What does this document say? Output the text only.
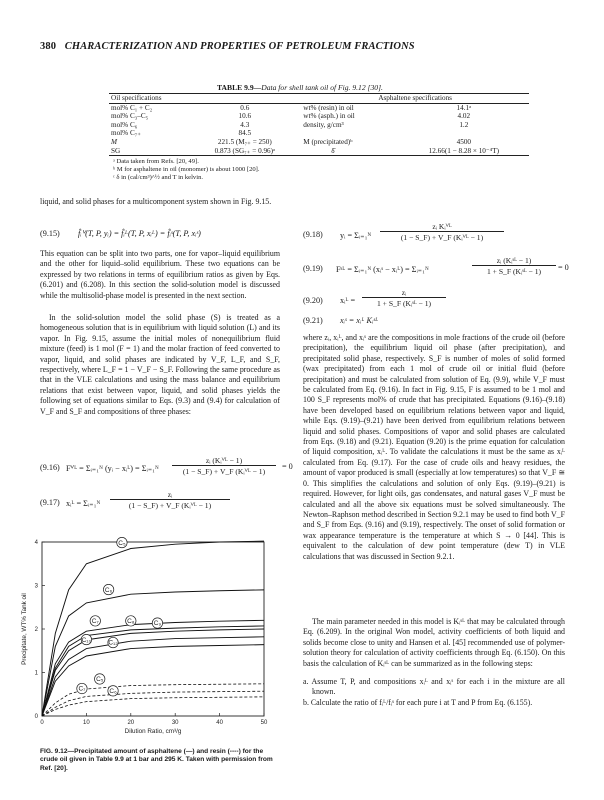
380 CHARACTERIZATION AND PROPERTIES OF PETROLEUM FRACTIONS
TABLE 9.9—Data for shell tank oil of Fig. 9.12 [30].
Oil specifications		Asphaltene specifications	
mol% C₁ + C₂	0.6	wt% (resin) in oil	14.1ᵃ
mol% C₃–C₅	10.6	wt% (asph.) in oil	4.02
mol% C₆	4.3	density, g/cm³	1.2
mol% C₇₊	84.5		
M	221.5 (M₇₊ = 250)	M (precipitated)ᵇ	4500
SG	0.873 (SG₇₊ = 0.96)ᵃ	δ̄	12.66(1 − 8.28 × 10⁻⁴T)
ᵃ Data taken from Refs. [20, 49].
ᵇ M for asphaltene in oil (monomer) is about 1000 [20].
ᶜ δ in (cal/cm³)^½ and T in kelvin.
liquid, and solid phases for a multicomponent system shown in Fig. 9.15.
(9.15) f̂ᵢⱽ(T, P, yᵢ) = f̂ᵢᴸ(T, P, xᵢᴸ) = f̂ᵢˢ(T, P, xᵢˢ)
This equation can be split into two parts, one for vapor–liquid equilibrium and the other for liquid–solid equilibrium. These two equations can be expressed by two relations in terms of equilibrium ratios as given by Eqs. (6.201) and (6.208). In this section the solid-solution model is discussed while the multisolid-phase model is presented in the next section.
In the solid-solution model the solid phase (S) is treated as a homogeneous solution that is in equilibrium with liquid solution (L) and its vapor. In Fig. 9.15, assume the initial moles of nonequilibrium fluid mixture (feed) is 1 mol (F = 1) and the molar fraction of feed converted to vapor, liquid, and solid phases are indicated by V_F, L_F, and S_F, respectively, where L_F = 1 − V_F − S_F. Following the same procedure as that in the VLE calculations and using the mass balance and equilibrium relations that exist between vapor, liquid, and solid phases yields the following set of equations similar to Eqs. (9.3) and (9.4) for calculation of V_F and S_F and compositions of three phases:
(9.16) Fⱽᴸ = Σᵢ₌₁ᴺ (yᵢ − xᵢᴸ) = Σᵢ₌₁ᴺ
zᵢ (Kᵢⱽᴸ − 1)
(1 − S_F) + V_F (Kᵢⱽᴸ − 1)
= 0
(9.17) xᵢᴸ = Σᵢ₌₁ᴺ
zᵢ
(1 − S_F) + V_F (Kᵢⱽᴸ − 1)
0	10	20	30	40	50
0
1
2
3
4
Dilution Ratio, cm³/g
Precipitate, WT% Tank oil
C₅
C₆
C₇	C₈	C₉
C₁₀	C₁₂
C₅
C₇	C₆
FIG. 9.12—Precipitated amount of asphaltene (—) and resin (----) for the crude oil given in Table 9.9 at 1 bar and 295 K. Taken with permission from Ref. [20].
(9.18) yᵢ = Σᵢ₌₁ᴺ
zᵢ Kᵢⱽᴸ
(1 − S_F) + V_F (Kᵢⱽᴸ − 1)
(9.19) Fˢᴸ = Σᵢ₌₁ᴺ (xᵢˢ − xᵢᴸ) = Σᵢ₌₁ᴺ
zᵢ (Kᵢˢᴸ − 1)
1 + S_F (Kᵢˢᴸ − 1)	= 0
(9.20) xᵢᴸ =
zᵢ
1 + S_F (Kᵢˢᴸ − 1)
(9.21) xᵢˢ = xᵢᴸ Kᵢˢᴸ
where zᵢ, xᵢᴸ, and xᵢˢ are the compositions in mole fractions of the crude oil (before precipitation), the equilibrium liquid oil phase (after precipitation), and precipitated solid phase, respectively. S_F is number of moles of solid formed (wax precipitated) from each 1 mol of crude oil or initial fluid (before precipitation) and must be calculated from solution of Eq. (9.9), while V_F must be calculated from Eq. (9.16). In fact in Fig. 9.15, F is assumed to be 1 mol and 100 S_F represents mol% of crude that has precipitated. Equations (9.16)–(9.18) have been developed based on equilibrium relations between vapor and liquid, while Eqs. (9.19)–(9.21) have been derived from equilibrium relations between liquid and solid phases. Compositions of vapor and solid phases are calculated from Eqs. (9.18) and (9.21). Equation (9.20) is the prime equation for calculation of liquid composition, xᵢᴸ. To validate the calculations it must be the same as xᵢᴸ calculated from Eq. (9.17). For the case of crude oils and heavy residues, the amount of vapor produced is small (especially at low temperatures) so that V_F ≅ 0. This simplifies the calculations and solution of only Eqs. (9.19)–(9.21) is required. However, for light oils, gas condensates, and natural gases V_F must be calculated and all the above six equations must be solved simultaneously. The Newton–Raphson method described in Section 9.2.1 may be used to find both V_F and S_F from Eqs. (9.16) and (9.19), respectively. The onset of solid formation or wax appearance temperature is the temperature at which S → 0 [44]. This is equivalent to the calculation of dew point temperature (dew T) in VLE calculations that was discussed in Section 9.2.1.
The main parameter needed in this model is Kᵢˢᴸ that may be calculated through Eq. (6.209). In the original Won model, activity coefficients of both liquid and solids become close to unity and Hansen et al. [45] recommended use of polymer-solution theory for calculation of activity coefficients through Eq. (6.150). On this basis the calculation of Kᵢˢᴸ can be summarized as in the following steps:
a. Assume T, P, and compositions xᵢᴸ and xᵢˢ for each i in the mixture are all known.
b. Calculate the ratio of fᵢᴸ/fᵢˢ for each pure i at T and P from Eq. (6.155).
